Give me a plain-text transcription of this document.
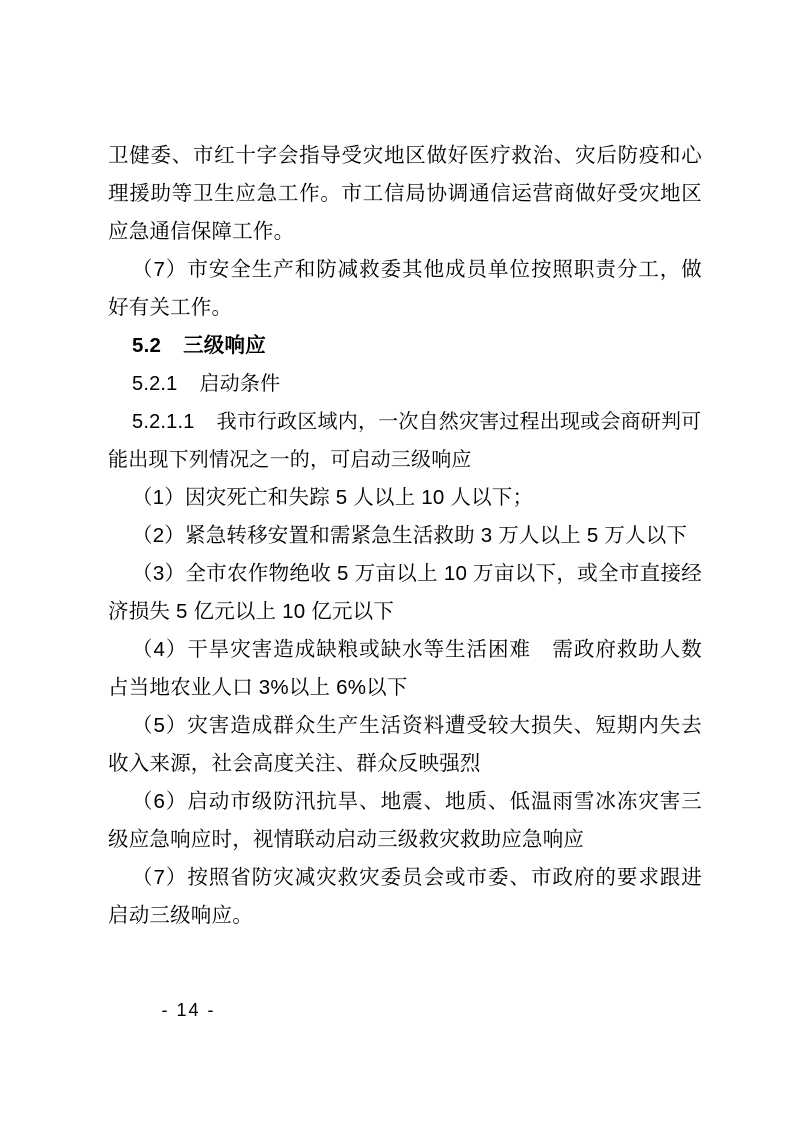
卫健委、市红十字会指导受灾地区做好医疗救治、灾后防疫和心理援助等卫生应急工作。市工信局协调通信运营商做好受灾地区应急通信保障工作。

（7）市安全生产和防减救委其他成员单位按照职责分工，做好有关工作。

5.2 三级响应

5.2.1 启动条件

5.2.1.1 我市行政区域内，一次自然灾害过程出现或会商研判可能出现下列情况之一的，可启动三级响应

（1）因灾死亡和失踪 5 人以上 10 人以下；

（2）紧急转移安置和需紧急生活救助 3 万人以上 5 万人以下

（3）全市农作物绝收 5 万亩以上 10 万亩以下，或全市直接经济损失 5 亿元以上 10 亿元以下

（4）干旱灾害造成缺粮或缺水等生活困难　需政府救助人数占当地农业人口 3%以上 6%以下

（5）灾害造成群众生产生活资料遭受较大损失、短期内失去收入来源，社会高度关注、群众反映强烈

（6）启动市级防汛抗旱、地震、地质、低温雨雪冰冻灾害三级应急响应时，视情联动启动三级救灾救助应急响应

（7）按照省防灾减灾救灾委员会或市委、市政府的要求跟进启动三级响应。

- 14 -
